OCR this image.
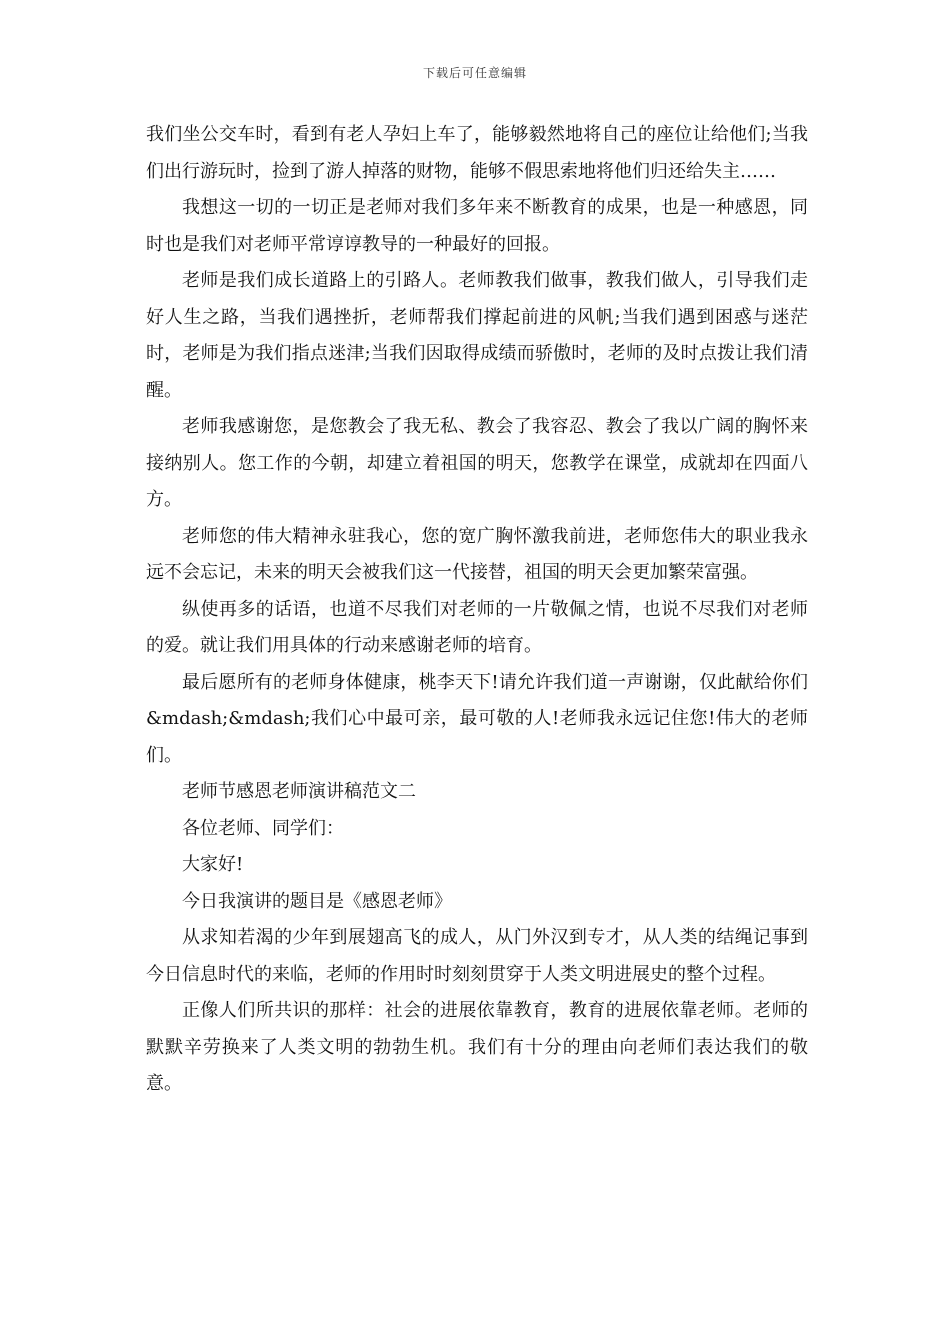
下载后可任意编辑

我们坐公交车时，看到有老人孕妇上车了，能够毅然地将自己的座位让给他们;当我们出行游玩时，捡到了游人掉落的财物，能够不假思索地将他们归还给失主……

我想这一切的一切正是老师对我们多年来不断教育的成果，也是一种感恩，同时也是我们对老师平常谆谆教导的一种最好的回报。

老师是我们成长道路上的引路人。老师教我们做事，教我们做人，引导我们走好人生之路，当我们遇挫折，老师帮我们撑起前进的风帆;当我们遇到困惑与迷茫时，老师是为我们指点迷津;当我们因取得成绩而骄傲时，老师的及时点拨让我们清醒。

老师我感谢您，是您教会了我无私、教会了我容忍、教会了我以广阔的胸怀来接纳别人。您工作的今朝，却建立着祖国的明天，您教学在课堂，成就却在四面八方。

老师您的伟大精神永驻我心，您的宽广胸怀激我前进，老师您伟大的职业我永远不会忘记，未来的明天会被我们这一代接替，祖国的明天会更加繁荣富强。

纵使再多的话语，也道不尽我们对老师的一片敬佩之情，也说不尽我们对老师的爱。就让我们用具体的行动来感谢老师的培育。

最后愿所有的老师身体健康，桃李天下!请允许我们道一声谢谢，仅此献给你们&mdash;&mdash;我们心中最可亲，最可敬的人!老师我永远记住您!伟大的老师们。

老师节感恩老师演讲稿范文二

各位老师、同学们：

大家好!

今日我演讲的题目是《感恩老师》

从求知若渴的少年到展翅高飞的成人，从门外汉到专才，从人类的结绳记事到今日信息时代的来临，老师的作用时时刻刻贯穿于人类文明进展史的整个过程。

正像人们所共识的那样：社会的进展依靠教育，教育的进展依靠老师。老师的默默辛劳换来了人类文明的勃勃生机。我们有十分的理由向老师们表达我们的敬意。
